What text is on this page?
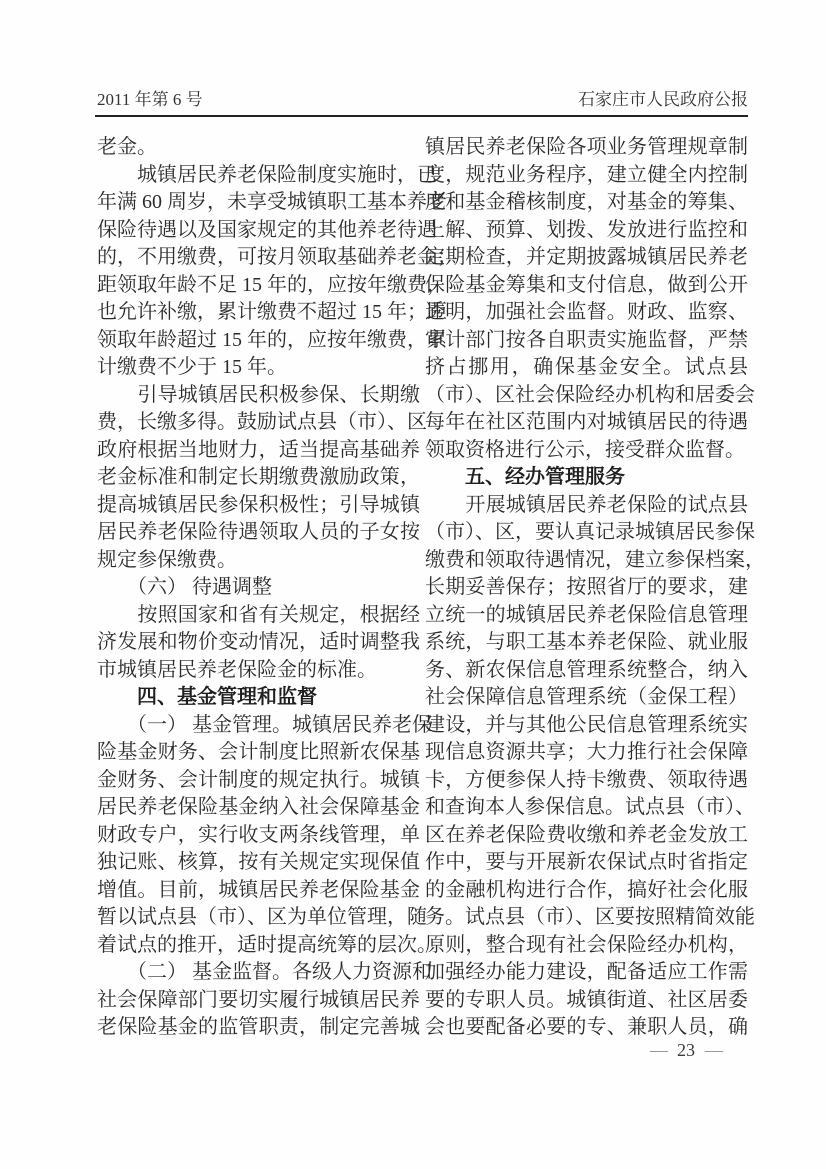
2011 年第 6 号	石家庄市人民政府公报
老金。
　　城镇居民养老保险制度实施时，已
年满 60 周岁，未享受城镇职工基本养老
保险待遇以及国家规定的其他养老待遇
的，不用缴费，可按月领取基础养老金；
距领取年龄不足 15 年的，应按年缴费，
也允许补缴，累计缴费不超过 15 年；距
领取年龄超过 15 年的，应按年缴费，累
计缴费不少于 15 年。
　　引导城镇居民积极参保、长期缴
费，长缴多得。鼓励试点县（市）、区
政府根据当地财力，适当提高基础养
老金标准和制定长期缴费激励政策，
提高城镇居民参保积极性；引导城镇
居民养老保险待遇领取人员的子女按
规定参保缴费。
　　（六） 待遇调整
　　按照国家和省有关规定，根据经
济发展和物价变动情况，适时调整我
市城镇居民养老保险金的标准。
　　四、基金管理和监督
　　（一） 基金管理。城镇居民养老保
险基金财务、会计制度比照新农保基
金财务、会计制度的规定执行。城镇
居民养老保险基金纳入社会保障基金
财政专户，实行收支两条线管理，单
独记账、核算，按有关规定实现保值
增值。目前，城镇居民养老保险基金
暂以试点县（市）、区为单位管理，随
着试点的推开，适时提高统筹的层次。
　　（二） 基金监督。各级人力资源和
社会保障部门要切实履行城镇居民养
老保险基金的监管职责，制定完善城
镇居民养老保险各项业务管理规章制
度，规范业务程序，建立健全内控制
度和基金稽核制度，对基金的筹集、
上解、预算、划拨、发放进行监控和
定期检查，并定期披露城镇居民养老
保险基金筹集和支付信息，做到公开
透明，加强社会监督。财政、监察、
审计部门按各自职责实施监督，严禁
挤占挪用，确保基金安全。试点县
（市）、区社会保险经办机构和居委会
每年在社区范围内对城镇居民的待遇
领取资格进行公示，接受群众监督。
　　五、经办管理服务
　　开展城镇居民养老保险的试点县
（市）、区，要认真记录城镇居民参保
缴费和领取待遇情况，建立参保档案，
长期妥善保存；按照省厅的要求，建
立统一的城镇居民养老保险信息管理
系统，与职工基本养老保险、就业服
务、新农保信息管理系统整合，纳入
社会保障信息管理系统（金保工程）
建设，并与其他公民信息管理系统实
现信息资源共享；大力推行社会保障
卡，方便参保人持卡缴费、领取待遇
和查询本人参保信息。试点县（市）、
区在养老保险费收缴和养老金发放工
作中，要与开展新农保试点时省指定
的金融机构进行合作，搞好社会化服
务。试点县（市）、区要按照精简效能
原则，整合现有社会保险经办机构，
加强经办能力建设，配备适应工作需
要的专职人员。城镇街道、社区居委
会也要配备必要的专、兼职人员，确
— 23 —
